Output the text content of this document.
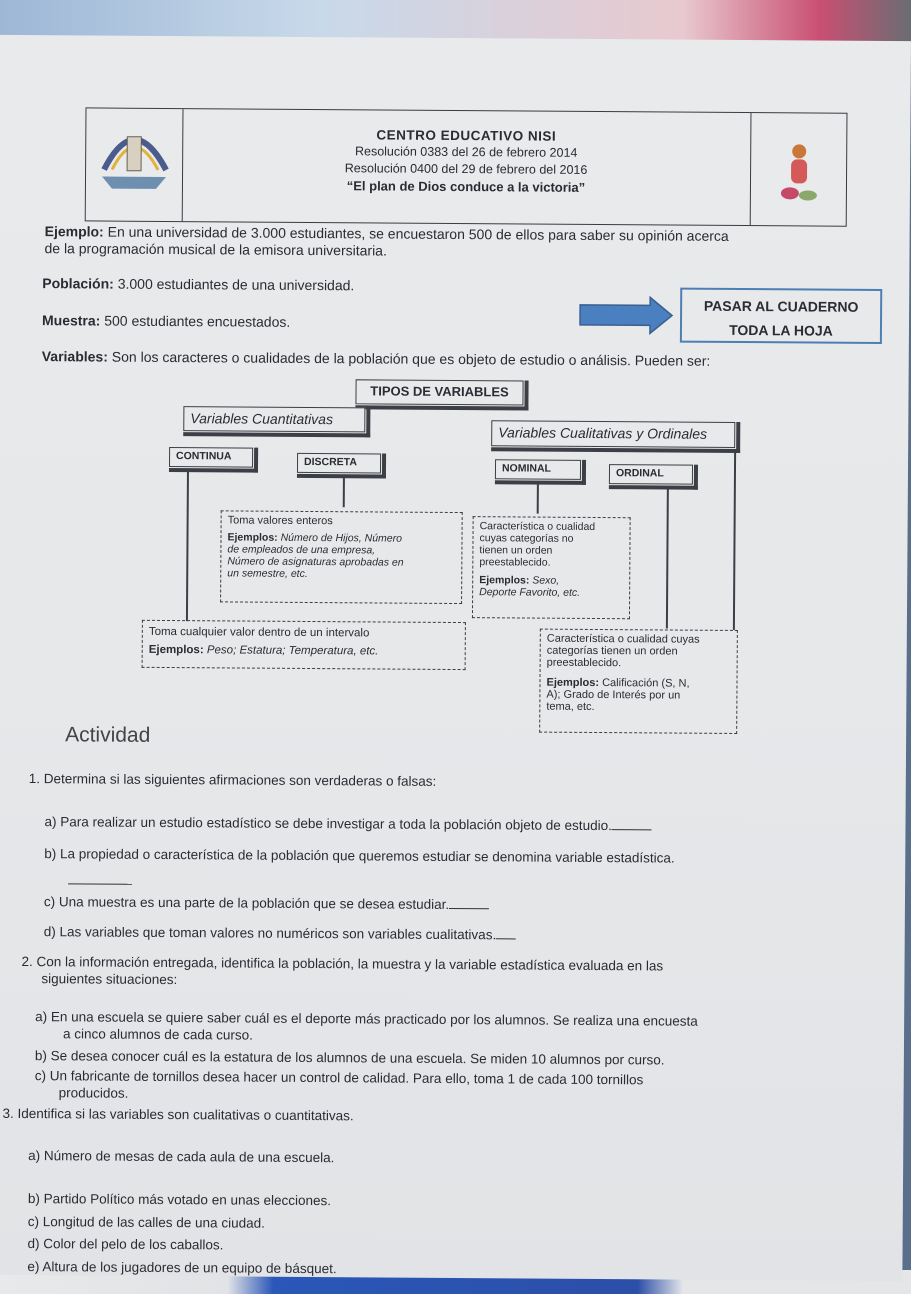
CENTRO EDUCATIVO NISI
Resolución 0383 del 26 de febrero 2014
Resolución 0400 del 29 de febrero del 2016
“El plan de Dios conduce a la victoria”
Ejemplo: En una universidad de 3.000 estudiantes, se encuestaron 500 de ellos para saber su opinión acerca
de la programación musical de la emisora universitaria.
Población: 3.000 estudiantes de una universidad.
Muestra: 500 estudiantes encuestados.
PASAR AL CUADERNO
TODA LA HOJA
Variables: Son los caracteres o cualidades de la población que es objeto de estudio o análisis. Pueden ser:
TIPOS DE VARIABLES
Variables Cuantitativas
Variables Cualitativas y Ordinales
CONTINUA	DISCRETA
NOMINAL	ORDINAL
Toma valores enteros
Ejemplos: Número de Hijos, Número
de empleados de una empresa,
Número de asignaturas aprobadas en
un semestre, etc.
Característica o cualidad
cuyas categorías no
tienen un orden
preestablecido.
Ejemplos: Sexo,
Deporte Favorito, etc.
Toma cualquier valor dentro de un intervalo
Ejemplos: Peso; Estatura; Temperatura, etc.
Característica o cualidad cuyas
categorías tienen un orden
preestablecido.
Ejemplos: Calificación (S, N,
A); Grado de Interés por un
tema, etc.
Actividad
1. Determina si las siguientes afirmaciones son verdaderas o falsas:
a) Para realizar un estudio estadístico se debe investigar a toda la población objeto de estudio.
b) La propiedad o característica de la población que queremos estudiar se denomina variable estadística.
c) Una muestra es una parte de la población que se desea estudiar.
d) Las variables que toman valores no numéricos son variables cualitativas.
2. Con la información entregada, identifica la población, la muestra y la variable estadística evaluada en las
siguientes situaciones:
a) En una escuela se quiere saber cuál es el deporte más practicado por los alumnos. Se realiza una encuesta
a cinco alumnos de cada curso.
b) Se desea conocer cuál es la estatura de los alumnos de una escuela. Se miden 10 alumnos por curso.
c) Un fabricante de tornillos desea hacer un control de calidad. Para ello, toma 1 de cada 100 tornillos
producidos.
3. Identifica si las variables son cualitativas o cuantitativas.
a) Número de mesas de cada aula de una escuela.
b) Partido Político más votado en unas elecciones.
c) Longitud de las calles de una ciudad.
d) Color del pelo de los caballos.
e) Altura de los jugadores de un equipo de básquet.
